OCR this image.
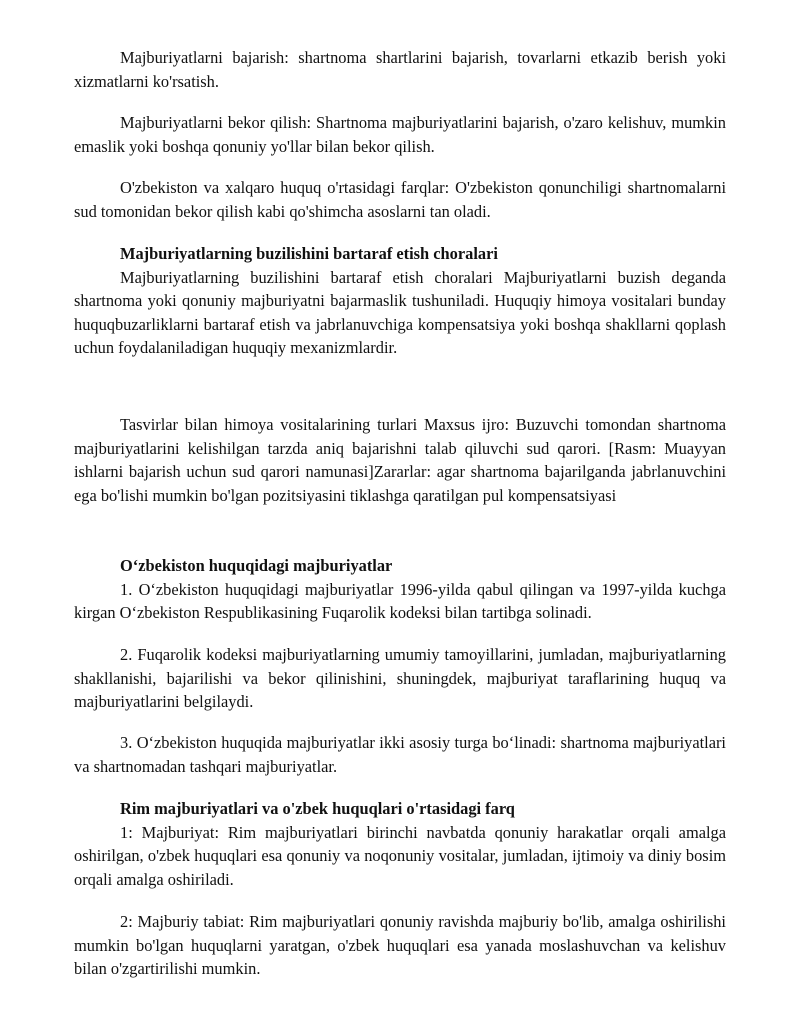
Majburiyatlarni bajarish: shartnoma shartlarini bajarish, tovarlarni etkazib berish yoki xizmatlarni ko'rsatish.

Majburiyatlarni bekor qilish: Shartnoma majburiyatlarini bajarish, o'zaro kelishuv, mumkin emaslik yoki boshqa qonuniy yo'llar bilan bekor qilish.

O'zbekiston va xalqaro huquq o'rtasidagi farqlar: O'zbekiston qonunchiligi shartnomalarni sud tomonidan bekor qilish kabi qo'shimcha asoslarni tan oladi.

Majburiyatlarning buzilishini bartaraf etish choralari

Majburiyatlarning buzilishini bartaraf etish choralari Majburiyatlarni buzish deganda shartnoma yoki qonuniy majburiyatni bajarmaslik tushuniladi. Huquqiy himoya vositalari bunday huquqbuzarliklarni bartaraf etish va jabrlanuvchiga kompensatsiya yoki boshqa shakllarni qoplash uchun foydalaniladigan huquqiy mexanizmlardir.

Tasvirlar bilan himoya vositalarining turlari Maxsus ijro: Buzuvchi tomondan shartnoma majburiyatlarini kelishilgan tarzda aniq bajarishni talab qiluvchi sud qarori. [Rasm: Muayyan ishlarni bajarish uchun sud qarori namunasi]Zararlar: agar shartnoma bajarilganda jabrlanuvchini ega bo'lishi mumkin bo'lgan pozitsiyasini tiklashga qaratilgan pul kompensatsiyasi

O‘zbekiston huquqidagi majburiyatlar

1. O‘zbekiston huquqidagi majburiyatlar 1996-yilda qabul qilingan va 1997-yilda kuchga kirgan O‘zbekiston Respublikasining Fuqarolik kodeksi bilan tartibga solinadi.

2. Fuqarolik kodeksi majburiyatlarning umumiy tamoyillarini, jumladan, majburiyatlarning shakllanishi, bajarilishi va bekor qilinishini, shuningdek, majburiyat taraflarining huquq va majburiyatlarini belgilaydi.

3. O‘zbekiston huquqida majburiyatlar ikki asosiy turga bo‘linadi: shartnoma majburiyatlari va shartnomadan tashqari majburiyatlar.

Rim majburiyatlari va o'zbek huquqlari o'rtasidagi farq

1: Majburiyat: Rim majburiyatlari birinchi navbatda qonuniy harakatlar orqali amalga oshirilgan, o'zbek huquqlari esa qonuniy va noqonuniy vositalar, jumladan, ijtimoiy va diniy bosim orqali amalga oshiriladi.

2: Majburiy tabiat: Rim majburiyatlari qonuniy ravishda majburiy bo'lib, amalga oshirilishi mumkin bo'lgan huquqlarni yaratgan, o'zbek huquqlari esa yanada moslashuvchan va kelishuv bilan o'zgartirilishi mumkin.
